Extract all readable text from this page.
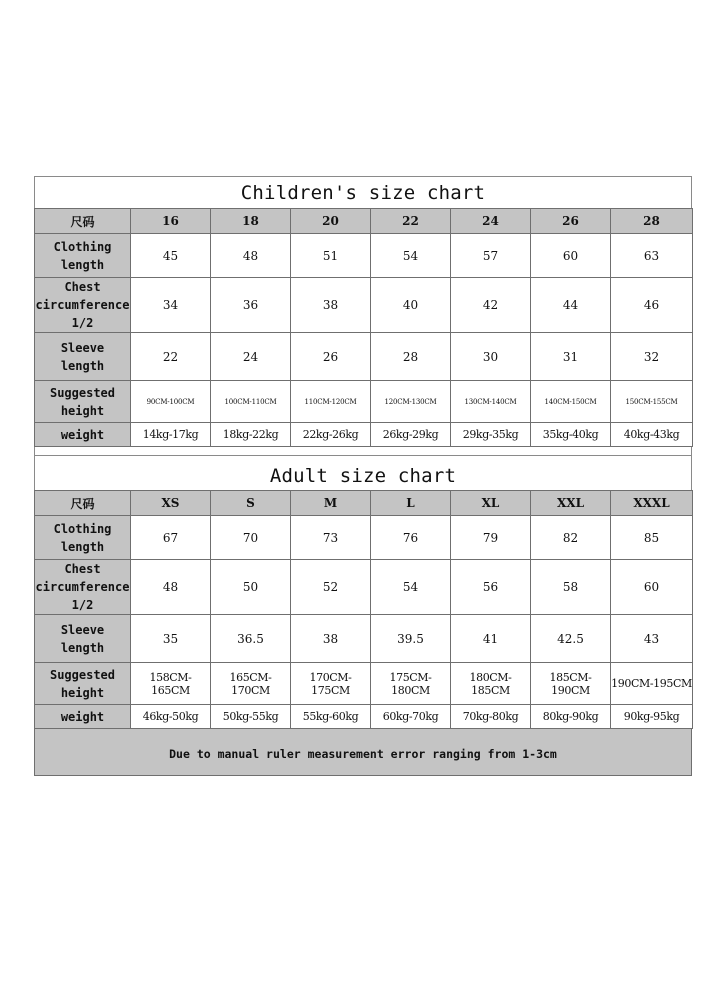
Children's size chart
尺码	16	18	20	22	24	26	28

Clothing
length	45	48	51	54	57	60	63

Chest
circumference
1/2	34	36	38	40	42	44	46

Sleeve
length	22	24	26	28	30	31	32

Suggested
height	90CM-100CM	100CM-110CM	110CM-120CM	120CM-130CM	130CM-140CM	140CM-150CM	150CM-155CM

weight	14kg-17kg	18kg-22kg	22kg-26kg	26kg-29kg	29kg-35kg	35kg-40kg	40kg-43kg
Adult size chart
尺码	XS	S	M	L	XL	XXL	XXXL

Clothing
length	67	70	73	76	79	82	85

Chest
circumference
1/2	48	50	52	54	56	58	60

Sleeve
length	35	36.5	38	39.5	41	42.5	43

Suggested
height	158CM-165CM	165CM-170CM	170CM-175CM	175CM-180CM	180CM-185CM	185CM-190CM	190CM-195CM

weight	46kg-50kg	50kg-55kg	55kg-60kg	60kg-70kg	70kg-80kg	80kg-90kg	90kg-95kg
Due to manual ruler measurement error ranging from 1-3cm
